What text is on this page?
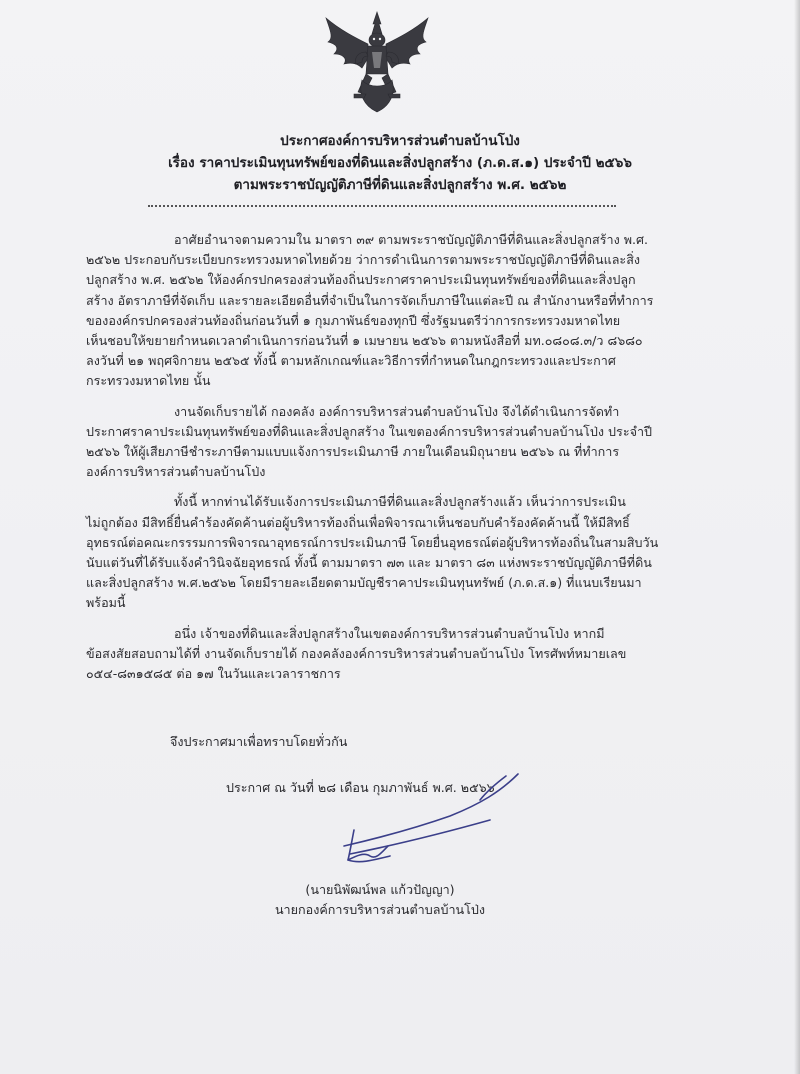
ประกาศองค์การบริหารส่วนตำบลบ้านโป่ง
เรื่อง ราคาประเมินทุนทรัพย์ของที่ดินและสิ่งปลูกสร้าง (ภ.ด.ส.๑) ประจำปี ๒๕๖๖
ตามพระราชบัญญัติภาษีที่ดินและสิ่งปลูกสร้าง พ.ศ. ๒๕๖๒
อาศัยอำนาจตามความใน มาตรา ๓๙ ตามพระราชบัญญัติภาษีที่ดินและสิ่งปลูกสร้าง พ.ศ.
๒๕๖๒ ประกอบกับระเบียบกระทรวงมหาดไทยด้วย ว่าการดำเนินการตามพระราชบัญญัติภาษีที่ดินและสิ่ง
ปลูกสร้าง พ.ศ. ๒๕๖๒ ให้องค์กรปกครองส่วนท้องถิ่นประกาศราคาประเมินทุนทรัพย์ของที่ดินและสิ่งปลูก
สร้าง อัตราภาษีที่จัดเก็บ และรายละเอียดอื่นที่จำเป็นในการจัดเก็บภาษีในแต่ละปี ณ สำนักงานหรือที่ทำการ
ขององค์กรปกครองส่วนท้องถิ่นก่อนวันที่ ๑ กุมภาพันธ์ของทุกปี ซึ่งรัฐมนตรีว่าการกระทรวงมหาดไทย
เห็นชอบให้ขยายกำหนดเวลาดำเนินการก่อนวันที่ ๑ เมษายน ๒๕๖๖ ตามหนังสือที่ มท.๐๘๐๘.๓/ว ๘๖๘๐
ลงวันที่ ๒๑ พฤศจิกายน ๒๕๖๕ ทั้งนี้ ตามหลักเกณฑ์และวิธีการที่กำหนดในกฎกระทรวงและประกาศ
กระทรวงมหาดไทย นั้น
งานจัดเก็บรายได้ กองคลัง องค์การบริหารส่วนตำบลบ้านโป่ง จึงได้ดำเนินการจัดทำ
ประกาศราคาประเมินทุนทรัพย์ของที่ดินและสิ่งปลูกสร้าง ในเขตองค์การบริหารส่วนตำบลบ้านโป่ง ประจำปี
๒๕๖๖ ให้ผู้เสียภาษีชำระภาษีตามแบบแจ้งการประเมินภาษี ภายในเดือนมิถุนายน ๒๕๖๖ ณ ที่ทำการ
องค์การบริหารส่วนตำบลบ้านโป่ง
ทั้งนี้ หากท่านได้รับแจ้งการประเมินภาษีที่ดินและสิ่งปลูกสร้างแล้ว เห็นว่าการประเมิน
ไม่ถูกต้อง มีสิทธิ์ยื่นคำร้องคัดค้านต่อผู้บริหารท้องถิ่นเพื่อพิจารณาเห็นชอบกับคำร้องคัดค้านนี้ ให้มีสิทธิ์
อุทธรณ์ต่อคณะกรรรมการพิจารณาอุทธรณ์การประเมินภาษี โดยยื่นอุทธรณ์ต่อผู้บริหารท้องถิ่นในสามสิบวัน
นับแต่วันที่ได้รับแจ้งคำวินิจฉัยอุทธรณ์ ทั้งนี้ ตามมาตรา ๗๓ และ มาตรา ๘๓ แห่งพระราชบัญญัติภาษีที่ดิน
และสิ่งปลูกสร้าง พ.ศ.๒๕๖๒ โดยมีรายละเอียดตามบัญชีราคาประเมินทุนทรัพย์ (ภ.ด.ส.๑) ที่แนบเรียนมา
พร้อมนี้
อนึ่ง เจ้าของที่ดินและสิ่งปลูกสร้างในเขตองค์การบริหารส่วนตำบลบ้านโป่ง หากมี
ข้อสงสัยสอบถามได้ที่ งานจัดเก็บรายได้ กองคลังองค์การบริหารส่วนตำบลบ้านโป่ง โทรศัพท์หมายเลข
๐๕๔-๘๓๑๕๘๕ ต่อ ๑๗ ในวันและเวลาราชการ
จึงประกาศมาเพื่อทราบโดยทั่วกัน
ประกาศ ณ วันที่ ๒๘ เดือน กุมภาพันธ์ พ.ศ. ๒๕๖๖
(นายนิพัฒน์พล แก้วปัญญา)
นายกองค์การบริหารส่วนตำบลบ้านโป่ง
